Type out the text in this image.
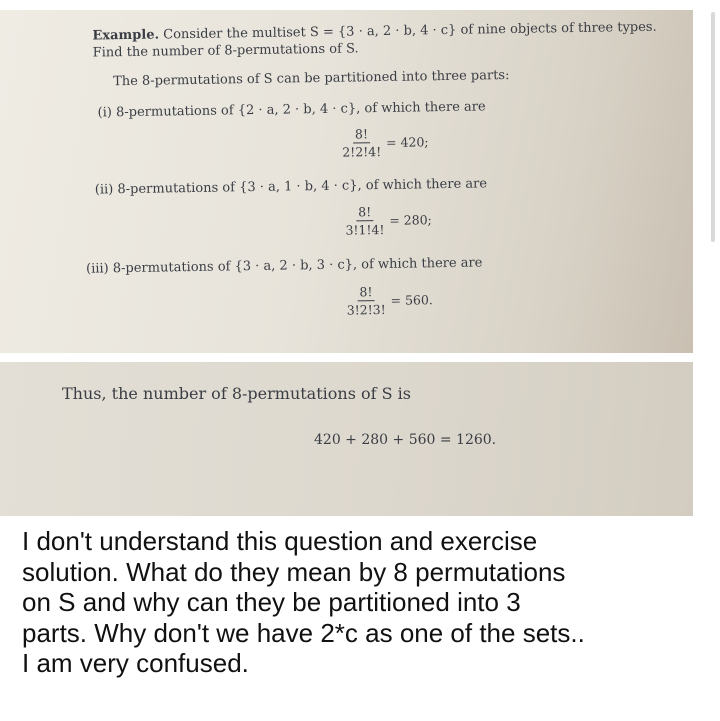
Example. Consider the multiset S = {3 · a, 2 · b, 4 · c} of nine objects of three types.
Find the number of 8-permutations of S.
The 8-permutations of S can be partitioned into three parts:
(i) 8-permutations of {2 · a, 2 · b, 4 · c}, of which there are
$\frac{8!}{2!2!4!} = 420$;
(ii) 8-permutations of {3 · a, 1 · b, 4 · c}, of which there are
$\frac{8!}{3!1!4!} = 280$;
(iii) 8-permutations of {3 · a, 2 · b, 3 · c}, of which there are
$\frac{8!}{3!2!3!} = 560$.
Thus, the number of 8-permutations of S is
420 + 280 + 560 = 1260.
I don't understand this question and exercise
solution. What do they mean by 8 permutations
on S and why can they be partitioned into 3
parts. Why don't we have 2*c as one of the sets..
I am very confused.
